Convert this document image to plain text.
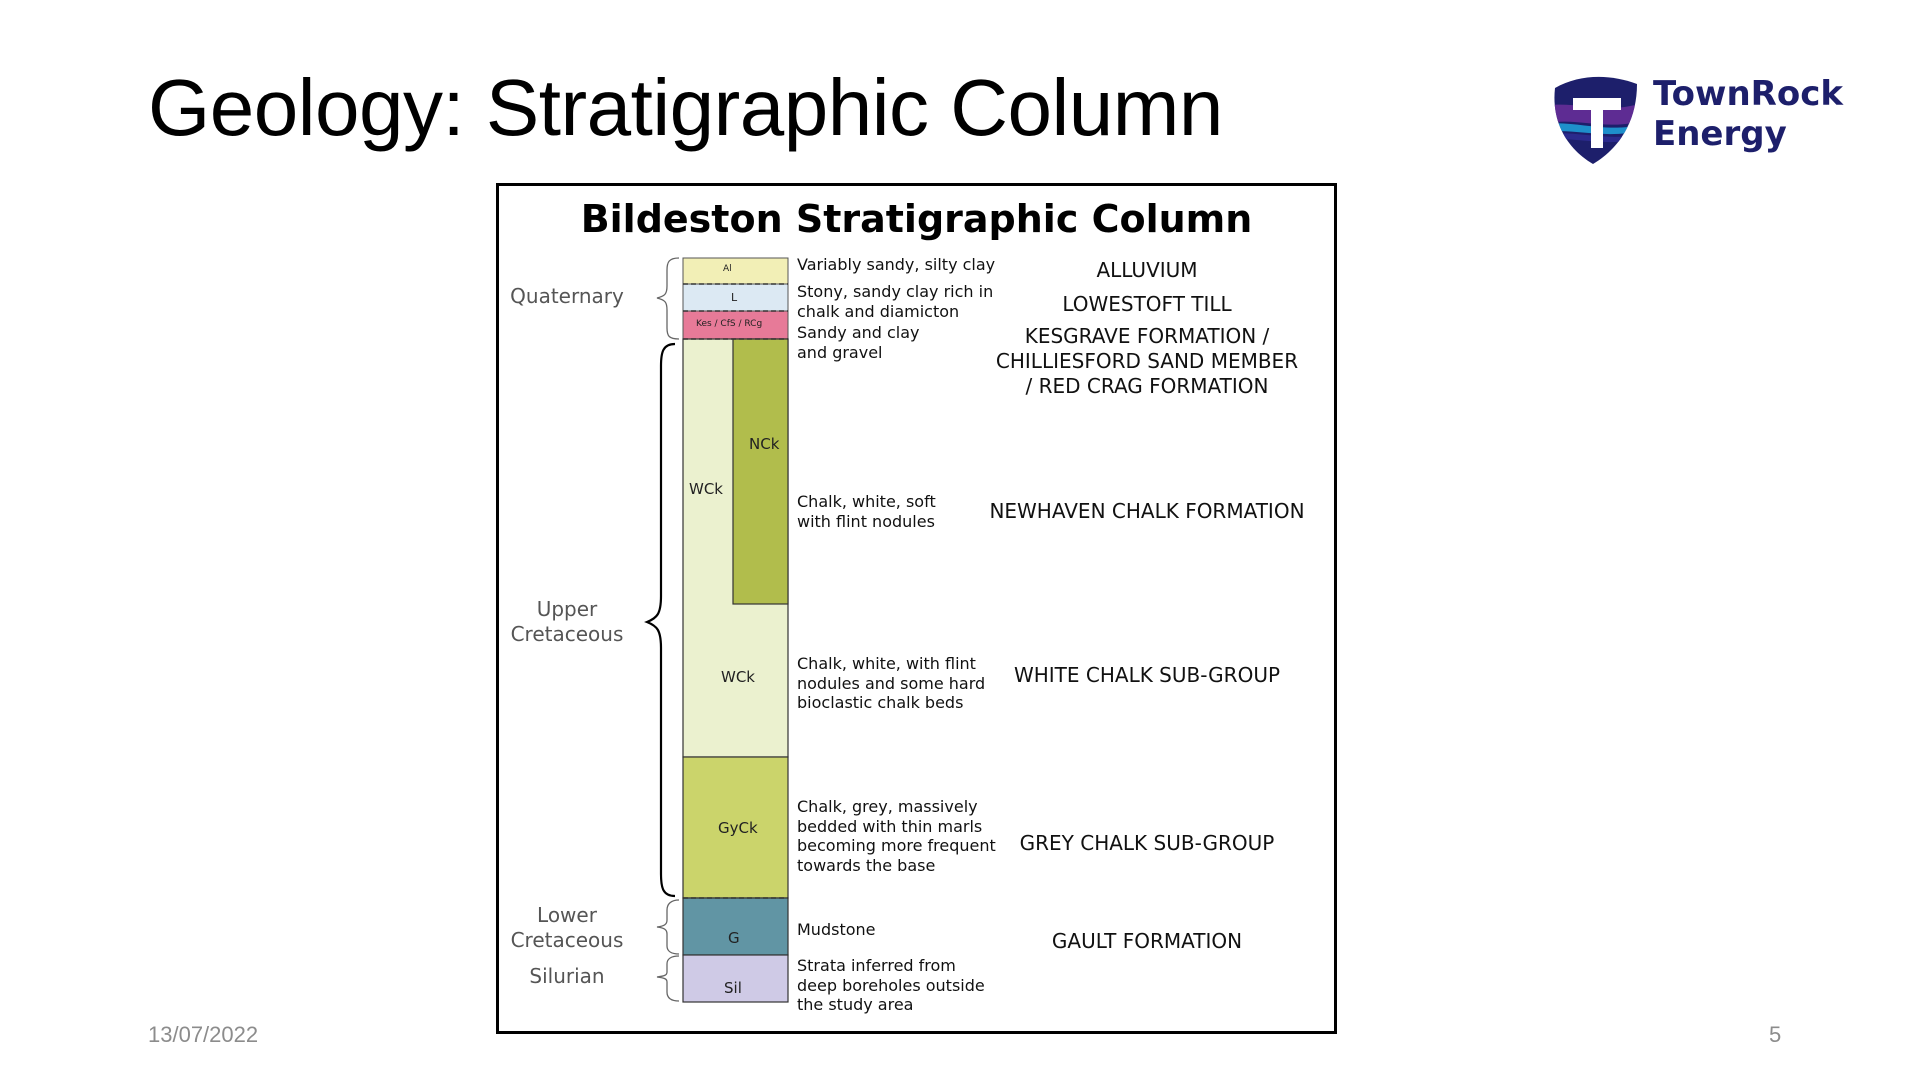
Geology: Stratigraphic Column	TownRock
Energy
Bildeston Stratigraphic Column
Al
L
Kes / CfS / RCg
NCk
WCk
WCk
GyCk
G
Sil
Quaternary
Upper
Cretaceous
Lower
Cretaceous
Silurian
Variably sandy, silty clay
Stony, sandy clay rich in
chalk and diamicton
Sandy and clay
and gravel
Chalk, white, soft
with flint nodules
Chalk, white, with flint
nodules and some hard
bioclastic chalk beds
Chalk, grey, massively
bedded with thin marls
becoming more frequent
towards the base
Mudstone
Strata inferred from
deep boreholes outside
the study area
ALLUVIUM
LOWESTOFT TILL
KESGRAVE FORMATION /
CHILLIESFORD SAND MEMBER
/ RED CRAG FORMATION
NEWHAVEN CHALK FORMATION
WHITE CHALK SUB-GROUP
GREY CHALK SUB-GROUP
GAULT FORMATION
13/07/2022	5
